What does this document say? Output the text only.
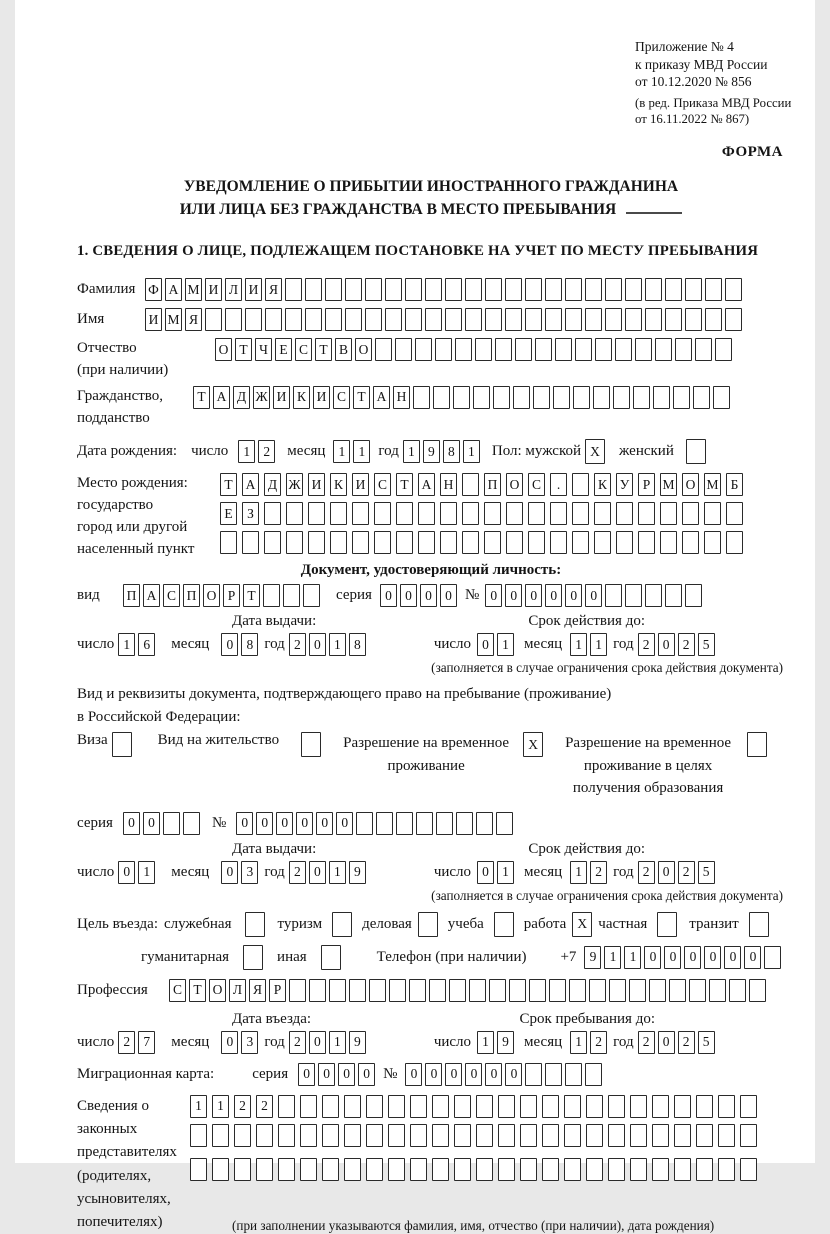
Приложение № 4
к приказу МВД России
от 10.12.2020 № 856
(в ред. Приказа МВД России
от 16.11.2022 № 867)
ФОРМА
УВЕДОМЛЕНИЕ О ПРИБЫТИИ ИНОСТРАННОГО ГРАЖДАНИНА
ИЛИ ЛИЦА БЕЗ ГРАЖДАНСТВА В МЕСТО ПРЕБЫВАНИЯ
1. СВЕДЕНИЯ О ЛИЦЕ, ПОДЛЕЖАЩЕМ ПОСТАНОВКЕ НА УЧЕТ ПО МЕСТУ ПРЕБЫВАНИЯ
Фамилия Ф А М И Л И Я
Имя	И М Я
Отчество
(при наличии)
О Т Ч Е С Т В О
Гражданство,
подданство
Т А Д Ж И К И С Т А Н
Дата рождения: число	1 2	месяц 1 1 год 1 9 8 1	Пол: мужской X	женский
Место рождения:
государство
город или другой
населенный пункт
Т А Д Ж И К И С Т А Н	П О С	.	К У Р М О М Б

Е	З

Документ, удостоверяющий личность:
вид	П А С П О Р Т	серия 0 0 0 0 № 0 0 0 0 0 0
Дата выдачи:	Срок действия до:
число 1 6	месяц	0 8 год 2 0 1 8	число 0 1	месяц 1 1 год 2 0 2 5
(заполняется в случае ограничения срока действия документа)
Вид и реквизиты документа, подтверждающего право на пребывание (проживание)
в Российской Федерации:
Виза	Вид на жительство	Разрешение на временное
проживание
X	Разрешение на временное
проживание в целях
получения образования
серия	0 0	№	0 0 0 0 0 0
Дата выдачи:	Срок действия до:
число 0 1	месяц	0 3 год 2 0 1 9	число 0 1	месяц 1 2 год 2 0 2 5
(заполняется в случае ограничения срока действия документа)
Цель въезда: служебная	туризм	деловая учеба	работа X частная	транзит
гуманитарная	иная	Телефон (при наличии) +7 9 1 1 0 0 0 0 0 0
Профессия	С Т О Л Я Р
Дата въезда:	Срок пребывания до:
число 2 7	месяц	0 3 год 2 0 1 9	число 1 9	месяц 1 2 год 2 0 2 5
Миграционная карта:	серия	0 0 0 0 № 0 0 0 0 0 0
Сведения о
законных
представителях
(родителях,
усыновителях,
попечителях)
1	1	2	2

(при заполнении указываются фамилия, имя, отчество (при наличии), дата рождения)
